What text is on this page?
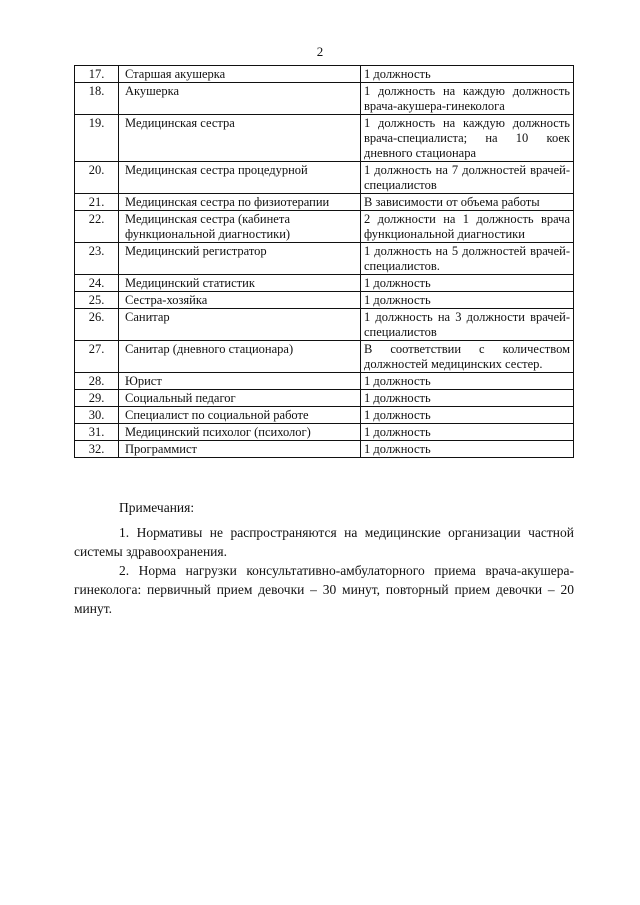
2
17.	Старшая акушерка	1 должность
18.	Акушерка	1 должность на каждую должность врача-акушера-гинеколога
19.	Медицинская сестра	1 должность на каждую должность врача-специалиста; на 10 коек дневного стационара
20.	Медицинская сестра процедурной	1 должность на 7 должностей врачей-специалистов
21.	Медицинская сестра по физиотерапии	В зависимости от объема работы
22.	Медицинская сестра (кабинета функциональной диагностики)	2 должности на 1 должность врача функциональной диагностики
23.	Медицинский регистратор	1 должность на 5 должностей врачей-специалистов.
24.	Медицинский статистик	1 должность
25.	Сестра-хозяйка	1 должность
26.	Санитар	1 должность на 3 должности врачей-специалистов
27.	Санитар (дневного стационара)	В соответствии с количеством должностей медицинских сестер.
28.	Юрист	1 должность
29.	Социальный педагог	1 должность
30.	Специалист по социальной работе	1 должность
31.	Медицинский психолог (психолог)	1 должность
32.	Программист	1 должность

Примечания:

1. Нормативы не распространяются на медицинские организации частной системы здравоохранения.

2. Норма нагрузки консультативно-амбулаторного приема врача-акушера-гинеколога: первичный прием девочки – 30 минут, повторный прием девочки – 20 минут.
